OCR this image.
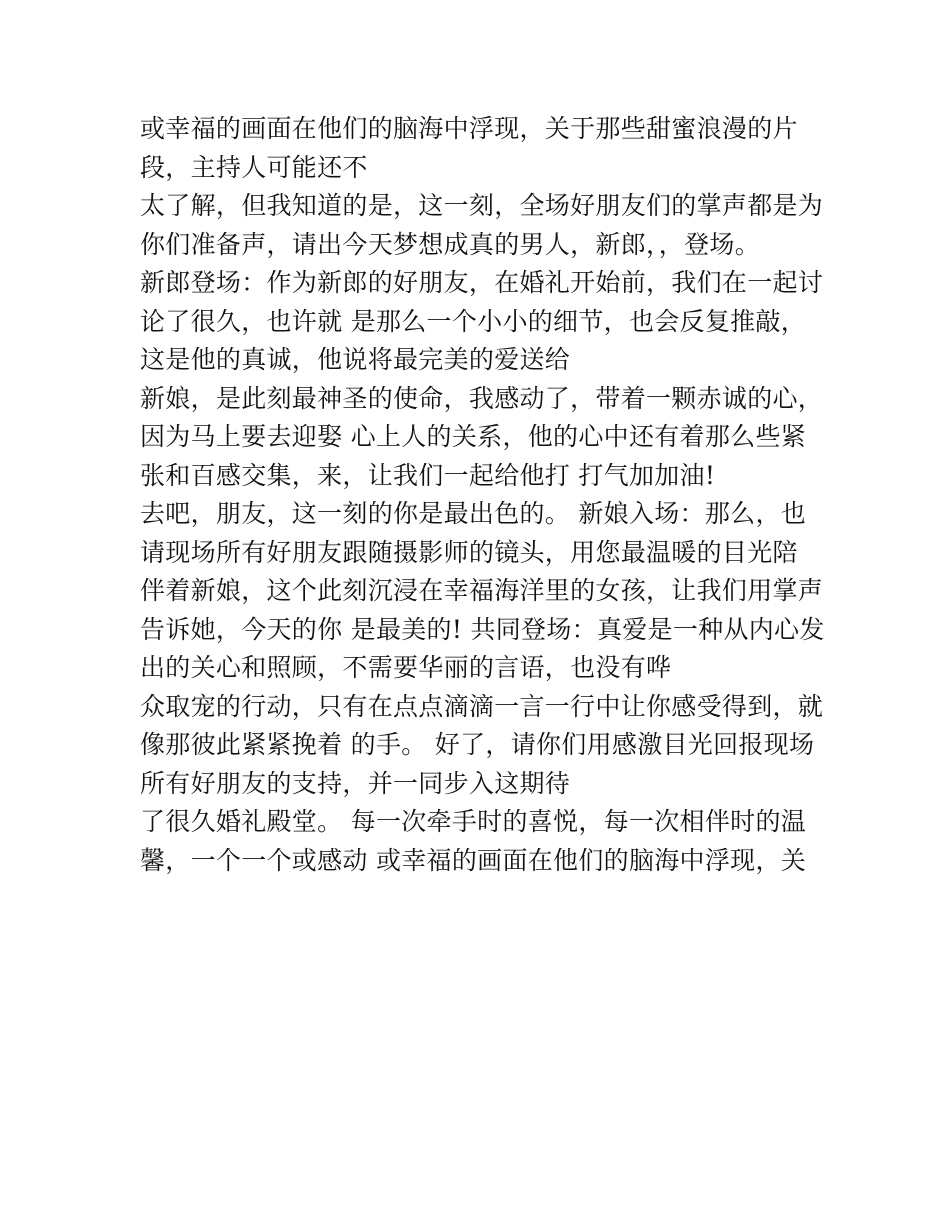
或幸福的画面在他们的脑海中浮现，关于那些甜蜜浪漫的片
段，主持人可能还不
太了解，但我知道的是，这一刻，全场好朋友们的掌声都是为
你们准备声，请出今天梦想成真的男人，新郎，，登场。
新郎登场：作为新郎的好朋友，在婚礼开始前，我们在一起讨
论了很久，也许就 是那么一个小小的细节，也会反复推敲，
这是他的真诚，他说将最完美的爱送给
新娘，是此刻最神圣的使命，我感动了，带着一颗赤诚的心，
因为马上要去迎娶 心上人的关系，他的心中还有着那么些紧
张和百感交集，来，让我们一起给他打 打气加加油!
去吧，朋友，这一刻的你是最出色的。 新娘入场：那么，也
请现场所有好朋友跟随摄影师的镜头，用您最温暖的目光陪
伴着新娘，这个此刻沉浸在幸福海洋里的女孩，让我们用掌声
告诉她，今天的你 是最美的! 共同登场：真爱是一种从内心发
出的关心和照顾，不需要华丽的言语，也没有哗
众取宠的行动，只有在点点滴滴一言一行中让你感受得到，就
像那彼此紧紧挽着 的手。 好了，请你们用感激目光回报现场
所有好朋友的支持，并一同步入这期待
了很久婚礼殿堂。 每一次牵手时的喜悦，每一次相伴时的温
馨，一个一个或感动 或幸福的画面在他们的脑海中浮现，关
